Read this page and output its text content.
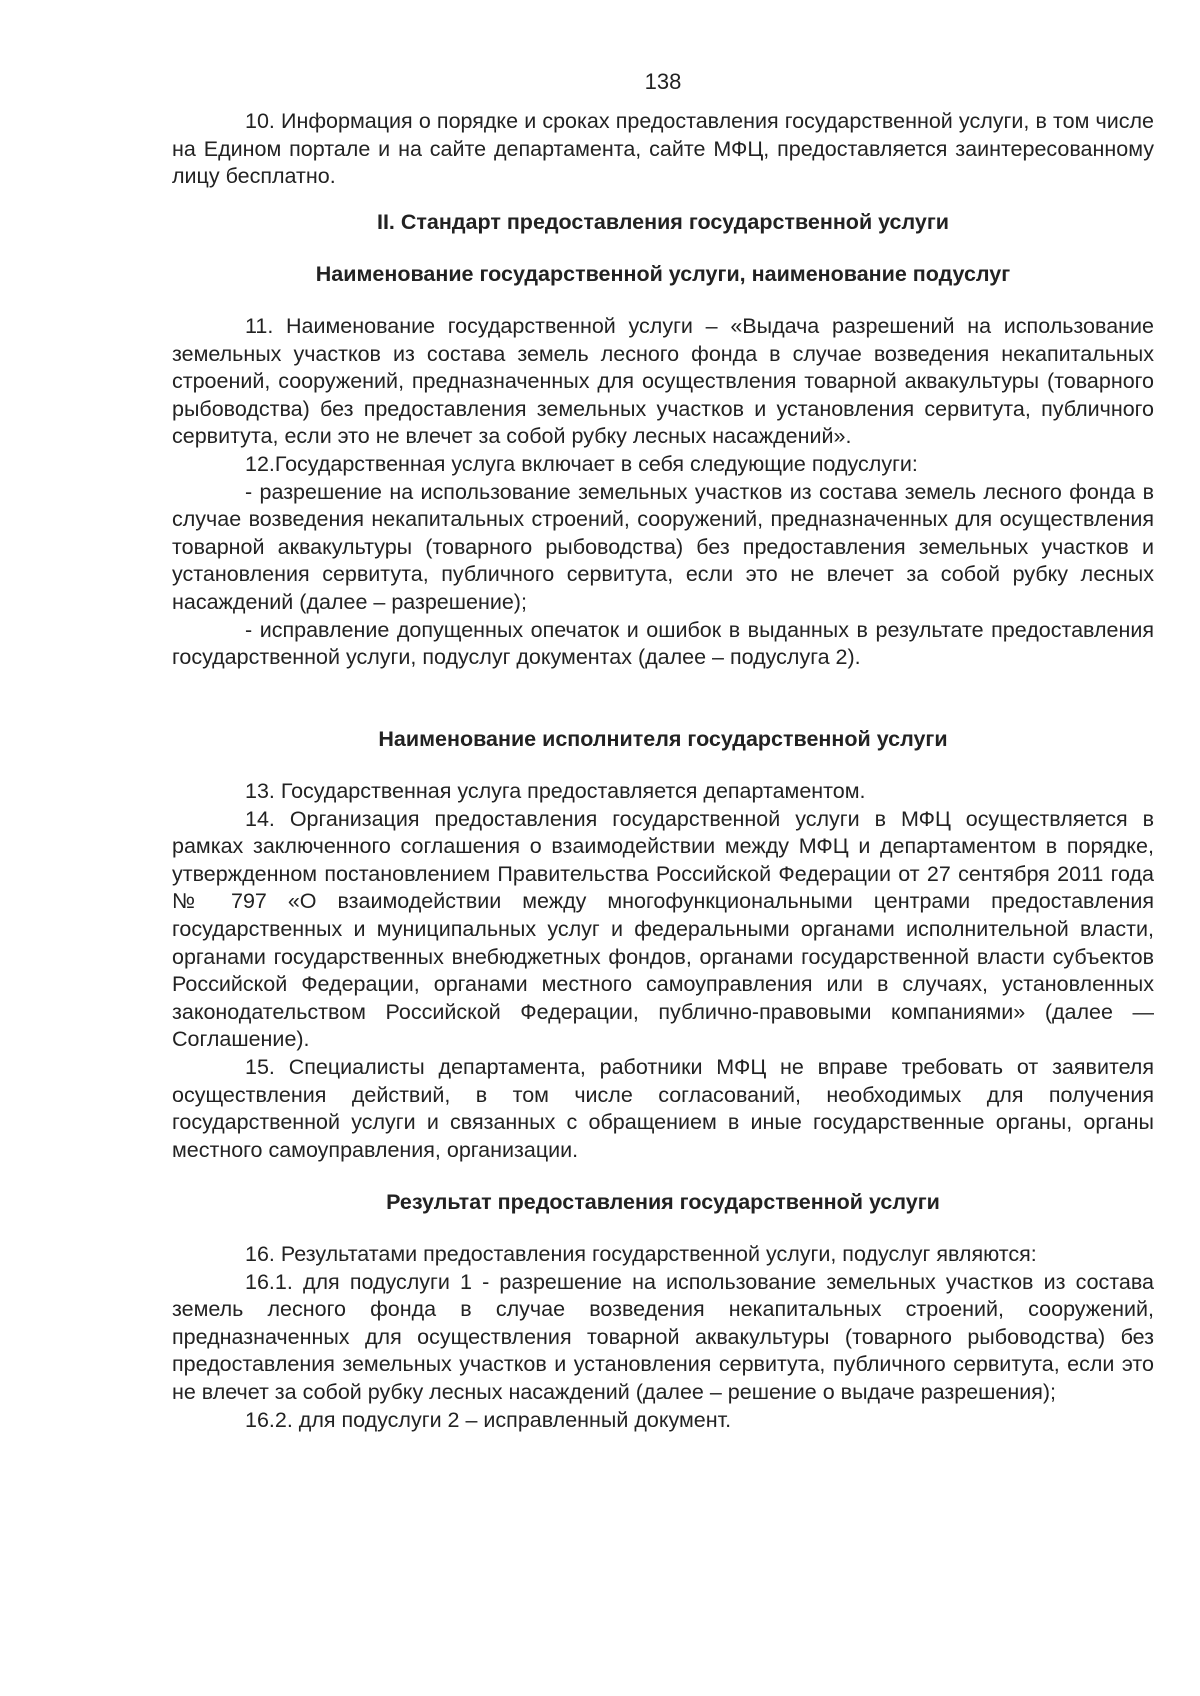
138

10. Информация о порядке и сроках предоставления государственной услуги, в том числе на Едином портале и на сайте департамента, сайте МФЦ, предоставляется заинтересованному лицу бесплатно.

II. Стандарт предоставления государственной услуги
Наименование государственной услуги, наименование подуслуг

11. Наименование государственной услуги – «Выдача разрешений на использование земельных участков из состава земель лесного фонда в случае возведения некапитальных строений, сооружений, предназначенных для осуществления товарной аквакультуры (товарного рыбоводства) без предоставления земельных участков и установления сервитута, публичного сервитута, если это не влечет за собой рубку лесных насаждений».

12.Государственная услуга включает в себя следующие подуслуги:

- разрешение на использование земельных участков из состава земель лесного фонда в случае возведения некапитальных строений, сооружений, предназначенных для осуществления товарной аквакультуры (товарного рыбоводства) без предоставления земельных участков и установления сервитута, публичного сервитута, если это не влечет за собой рубку лесных насаждений (далее – разрешение);

- исправление допущенных опечаток и ошибок в выданных в результате предоставления государственной услуги, подуслуг документах (далее – подуслуга 2).

Наименование исполнителя государственной услуги

13. Государственная услуга предоставляется департаментом.

14. Организация предоставления государственной услуги в МФЦ осуществляется в рамках заключенного соглашения о взаимодействии между МФЦ и департаментом в порядке, утвержденном постановлением Правительства Российской Федерации от 27 сентября 2011 года № 797 «О взаимодействии между многофункциональными центрами предоставления государственных и муниципальных услуг и федеральными органами исполнительной власти, органами государственных внебюджетных фондов, органами государственной власти субъектов Российской Федерации, органами местного самоуправления или в случаях, установленных законодательством Российской Федерации, публично-правовыми компаниями» (далее — Соглашение).

15. Специалисты департамента, работники МФЦ не вправе требовать от заявителя осуществления действий, в том числе согласований, необходимых для получения государственной услуги и связанных с обращением в иные государственные органы, органы местного самоуправления, организации.

Результат предоставления государственной услуги

16. Результатами предоставления государственной услуги, подуслуг являются:

16.1. для подуслуги 1 - разрешение на использование земельных участков из состава земель лесного фонда в случае возведения некапитальных строений, сооружений, предназначенных для осуществления товарной аквакультуры (товарного рыбоводства) без предоставления земельных участков и установления сервитута, публичного сервитута, если это не влечет за собой рубку лесных насаждений (далее – решение о выдаче разрешения);

16.2. для подуслуги 2 – исправленный документ.
